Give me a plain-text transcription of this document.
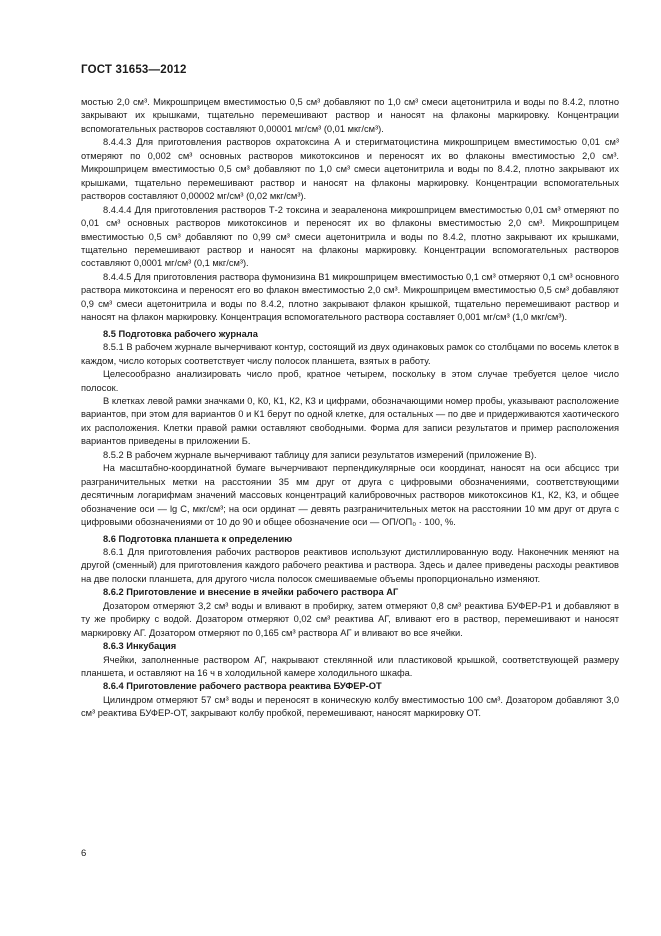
ГОСТ 31653—2012

мостью 2,0 см³. Микрошприцем вместимостью 0,5 см³ добавляют по 1,0 см³ смеси ацетонитрила и воды по 8.4.2, плотно закрывают их крышками, тщательно перемешивают раствор и наносят на флаконы маркировку. Концентрации вспомогательных растворов составляют 0,00001 мг/см³ (0,01 мкг/см³).

8.4.4.3 Для приготовления растворов охратоксина А и стеригматоцистина микрошприцем вместимостью 0,01 см³ отмеряют по 0,002 см³ основных растворов микотоксинов и переносят их во флаконы вместимостью 2,0 см³. Микрошприцем вместимостью 0,5 см³ добавляют по 1,0 см³ смеси ацетонитрила и воды по 8.4.2, плотно закрывают их крышками, тщательно перемешивают раствор и наносят на флаконы маркировку. Концентрации вспомогательных растворов составляют 0,00002 мг/см³ (0,02 мкг/см³).

8.4.4.4 Для приготовления растворов Т-2 токсина и зеараленона микрошприцем вместимостью 0,01 см³ отмеряют по 0,01 см³ основных растворов микотоксинов и переносят их во флаконы вместимостью 2,0 см³. Микрошприцем вместимостью 0,5 см³ добавляют по 0,99 см³ смеси ацетонитрила и воды по 8.4.2, плотно закрывают их крышками, тщательно перемешивают раствор и наносят на флаконы маркировку. Концентрации вспомогательных растворов составляют 0,0001 мг/см³ (0,1 мкг/см³).

8.4.4.5 Для приготовления раствора фумонизина В1 микрошприцем вместимостью 0,1 см³ отмеряют 0,1 см³ основного раствора микотоксина и переносят его во флакон вместимостью 2,0 см³. Микрошприцем вместимостью 0,5 см³ добавляют 0,9 см³ смеси ацетонитрила и воды по 8.4.2, плотно закрывают флакон крышкой, тщательно перемешивают раствор и наносят на флакон маркировку. Концентрация вспомогательного раствора составляет 0,001 мг/см³ (1,0 мкг/см³).

8.5 Подготовка рабочего журнала

8.5.1 В рабочем журнале вычерчивают контур, состоящий из двух одинаковых рамок со столбцами по восемь клеток в каждом, число которых соответствует числу полосок планшета, взятых в работу.

Целесообразно анализировать число проб, кратное четырем, поскольку в этом случае требуется целое число полосок.

В клетках левой рамки значками 0, К0, К1, К2, К3 и цифрами, обозначающими номер пробы, указывают расположение вариантов, при этом для вариантов 0 и К1 берут по одной клетке, для остальных — по две и придерживаются хаотического их расположения. Клетки правой рамки оставляют свободными. Форма для записи результатов и пример расположения вариантов приведены в приложении Б.

8.5.2 В рабочем журнале вычерчивают таблицу для записи результатов измерений (приложение В).

На масштабно-координатной бумаге вычерчивают перпендикулярные оси координат, наносят на оси абсцисс три разграничительных метки на расстоянии 35 мм друг от друга с цифровыми обозначениями, соответствующими десятичным логарифмам значений массовых концентраций калибровочных растворов микотоксинов К1, К2, К3, и общее обозначение оси — lg С, мкг/см³; на оси ординат — девять разграничительных меток на расстоянии 10 мм друг от друга с цифровыми обозначениями от 10 до 90 и общее обозначение оси — ОП/ОП₀ · 100, %.

8.6 Подготовка планшета к определению

8.6.1 Для приготовления рабочих растворов реактивов используют дистиллированную воду. Наконечник меняют на другой (сменный) для приготовления каждого рабочего реактива и раствора. Здесь и далее приведены расходы реактивов на две полоски планшета, для другого числа полосок смешиваемые объемы пропорционально изменяют.

8.6.2 Приготовление и внесение в ячейки рабочего раствора АГ

Дозатором отмеряют 3,2 см³ воды и вливают в пробирку, затем отмеряют 0,8 см³ реактива БУФЕР-Р1 и добавляют в ту же пробирку с водой. Дозатором отмеряют 0,02 см³ реактива АГ, вливают его в раствор, перемешивают и наносят маркировку АГ. Дозатором отмеряют по 0,165 см³ раствора АГ и вливают во все ячейки.

8.6.3 Инкубация

Ячейки, заполненные раствором АГ, накрывают стеклянной или пластиковой крышкой, соответствующей размеру планшета, и оставляют на 16 ч в холодильной камере холодильного шкафа.

8.6.4 Приготовление рабочего раствора реактива БУФЕР-ОТ

Цилиндром отмеряют 57 см³ воды и переносят в коническую колбу вместимостью 100 см³. Дозатором добавляют 3,0 см³ реактива БУФЕР-ОТ, закрывают колбу пробкой, перемешивают, наносят маркировку ОТ.

6
